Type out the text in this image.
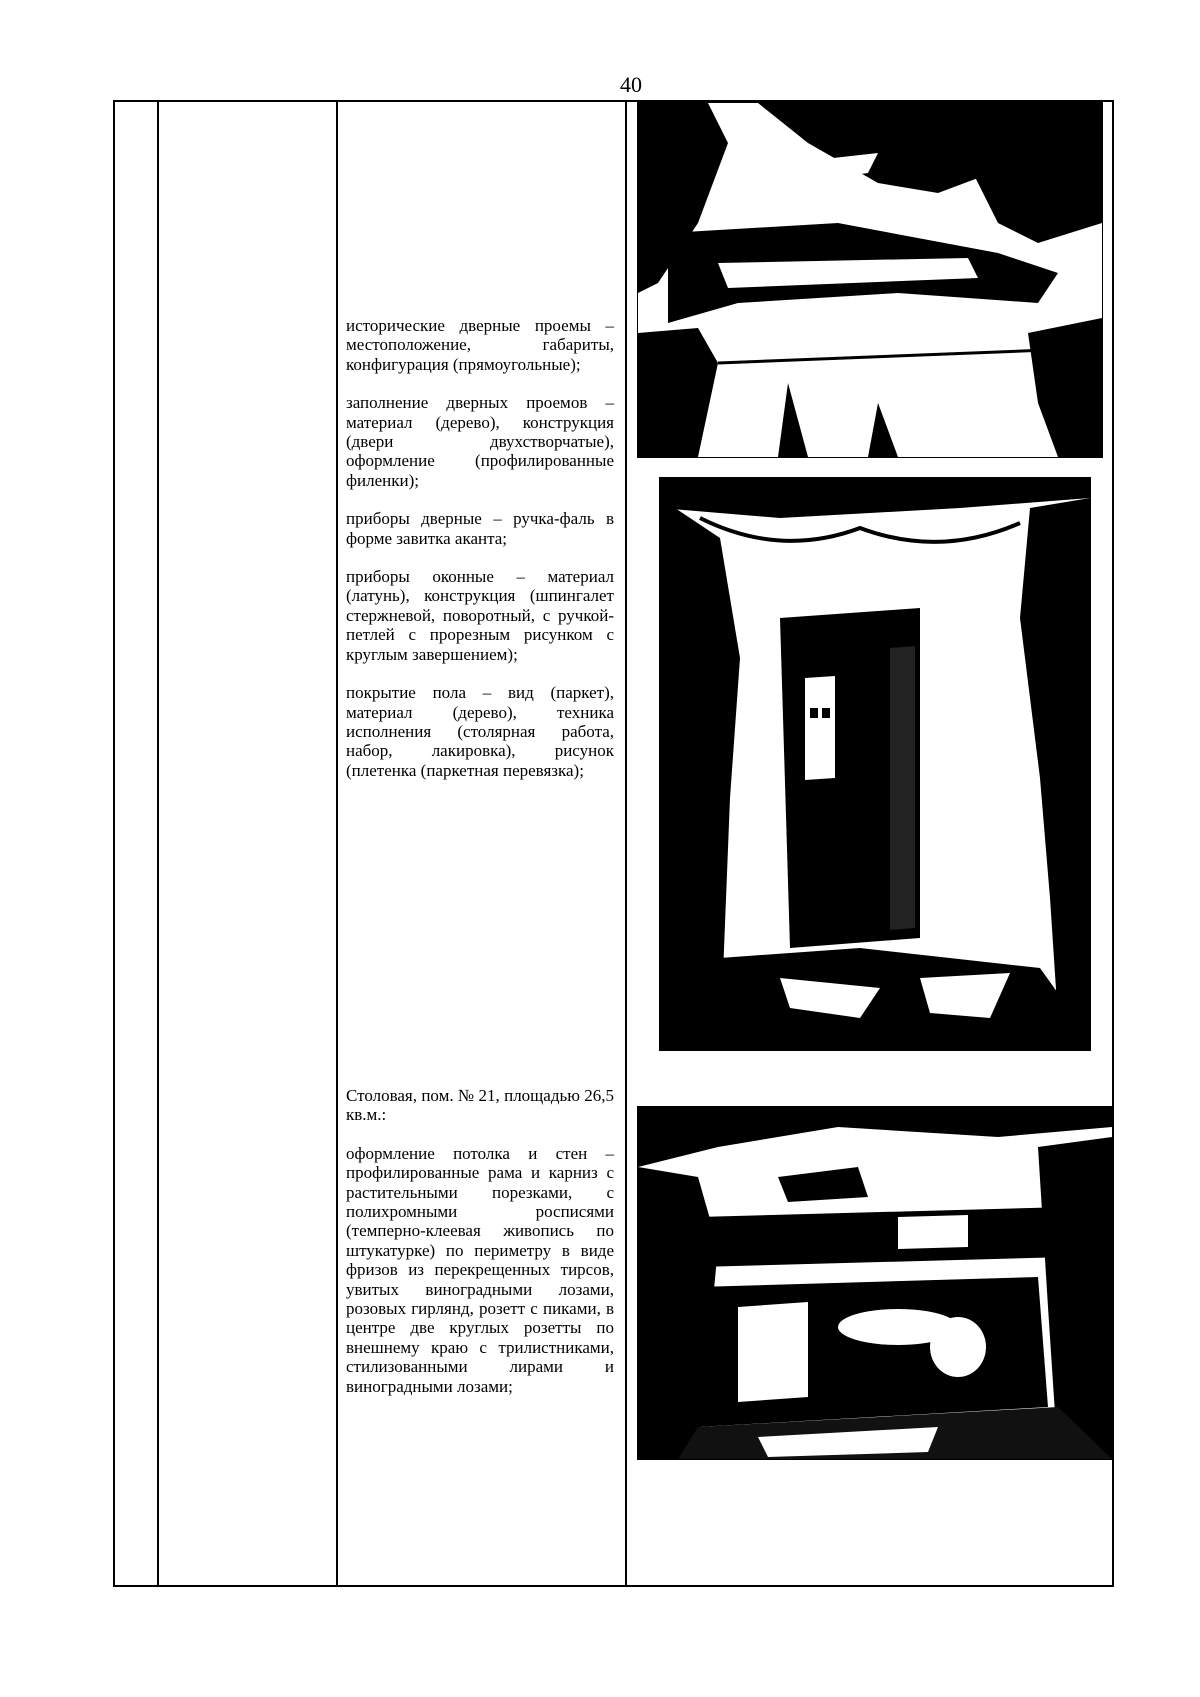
40

исторические дверные проемы – местоположение, габариты, конфигурация (прямоугольные);

заполнение дверных проемов – материал (дерево), конструкция (двери двухстворчатые), оформление (профилированные филенки);

приборы дверные – ручка-фаль в форме завитка аканта;

приборы оконные – материал (латунь), конструкция (шпингалет стержневой, поворотный, с ручкой-петлей с прорезным рисунком с круглым завершением);

покрытие пола – вид (паркет), материал (дерево), техника исполнения (столярная работа, набор, лакировка), рисунок (плетенка (паркетная перевязка);

Столовая, пом. № 21, площадью 26,5 кв.м.:

оформление потолка и стен – профилированные рама и карниз с растительными порезками, с полихромными росписями (темперно-клеевая живопись по штукатурке) по периметру в виде фризов из перекрещенных тирсов, увитых виноградными лозами, розовых гирлянд, розетт с пиками, в центре две круглых розетты по внешнему краю с трилистниками, стилизованными лирами и виноградными лозами;
